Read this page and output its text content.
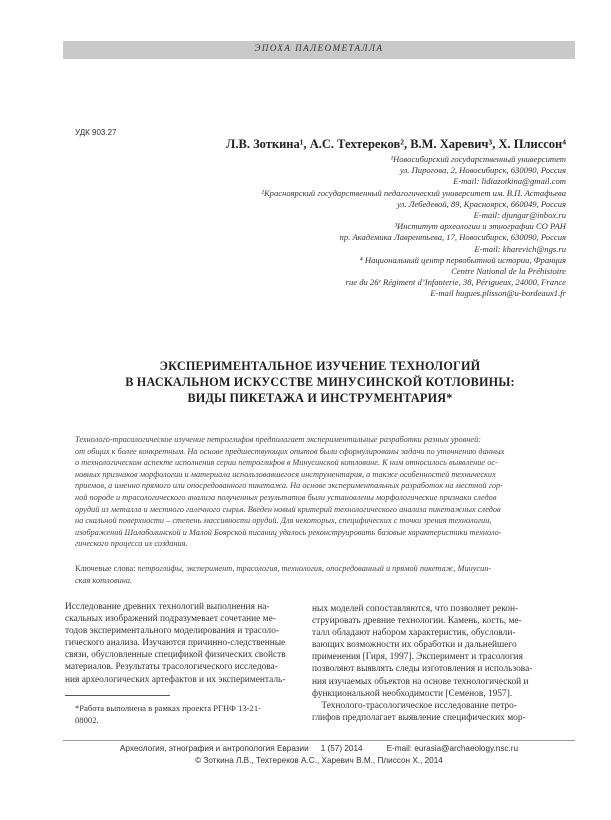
ЭПОХА ПАЛЕОМЕТАЛЛА
УДК 903.27
Л.В. Зоткина¹, А.С. Техтереков², В.М. Харевич³, Х. Плиссон⁴
¹Новосибирский государственный университет
ул. Пирогова, 2, Новосибирск, 630090, Россия
E-mail: lidiazotkina@gmail.com
²Красноярский государственный педагогический университет им. В.П. Астафьева
ул. Лебедевой, 89, Красноярск, 660049, Россия
E-mail: djungar@inbox.ru
³Институт археологии и этнографии СО РАН
пр. Академика Лаврентьева, 17, Новосибирск, 630090, Россия
E-mail: kharevich@ngs.ru
⁴ Национальный центр первобытной истории, Франция
Centre National de la Préhistoire
rue du 26ᵉ Régiment d’Infanterie, 38, Périgueux, 24000, France
E-mail hugues.plisson@u-bordeaux1.fr
ЭКСПЕРИМЕНТАЛЬНОЕ ИЗУЧЕНИЕ ТЕХНОЛОГИЙ
В НАСКАЛЬНОМ ИСКУССТВЕ МИНУСИНСКОЙ КОТЛОВИНЫ:
ВИДЫ ПИКЕТАЖА И ИНСТРУМЕНТАРИЯ*
Технолого-трасологическое изучение петроглифов предполагает экспериментальные разработки разных уровней:
от общих к более конкретным. На основе предшествующих опытов были сформулированы задачи по уточнению данных
о технологическом аспекте исполнения серии петроглифов в Минусинской котловине. К ним относилось выявление ос-
новных признаков морфологии и материала использовавшегося инструментария, а также особенностей технических
приемов, а именно прямого или опосредованного пикетажа. На основе экспериментальных разработок на местной гор-
ной породе и трасологического анализа полученных результатов были установлены морфологические признаки следов
орудий из металла и местного галечного сырья. Введен новый критерий технологического анализа пикетажных следов
на скальной поверхности – степень массивности орудий. Для некоторых, специфических с точки зрения технологии,
изображений Шалаболинской и Малой Боярской писаниц удалось реконструировать базовые характеристики техноло-
гического процесса их создания.
Ключевые слова: петроглифы, эксперимент, трасология, технология, опосредованный и прямой пикетаж, Минусин-
ская котловина.
Исследование древних технологий выполнения на-
скальных изображений подразумевает сочетание ме-
тодов экспериментального моделирования и трасоло-
гического анализа. Изучаются причинно-следственные
связи, обусловленные спецификой физических свойств
материалов. Результаты трасологического исследова-
ния археологических артефактов и их эксперименталь-
ных моделей сопоставляются, что позволяет рекон-
струировать древние технологии. Камень, кость, ме-
талл обладают набором характеристик, обусловли-
вающих возможности их обработки и дальнейшего
применения [Гиря, 1997]. Эксперимент и трасология
позволяют выявлять следы изготовления и использова-
ния изучаемых объектов на основе технологической и
функциональной необходимости [Семенов, 1957].
Технолого-трасологическое исследование петро-
глифов предполагает выявление специфических мор-
*Работа выполнена в рамках проекта РГНФ 13-21-
08002.
Археология, этнография и антропология Евразии 1 (57) 2014	E-mail: eurasia@archaeology.nsc.ru
© Зоткина Л.В., Техтереков А.С., Харевич В.М., Плиссон Х., 2014
